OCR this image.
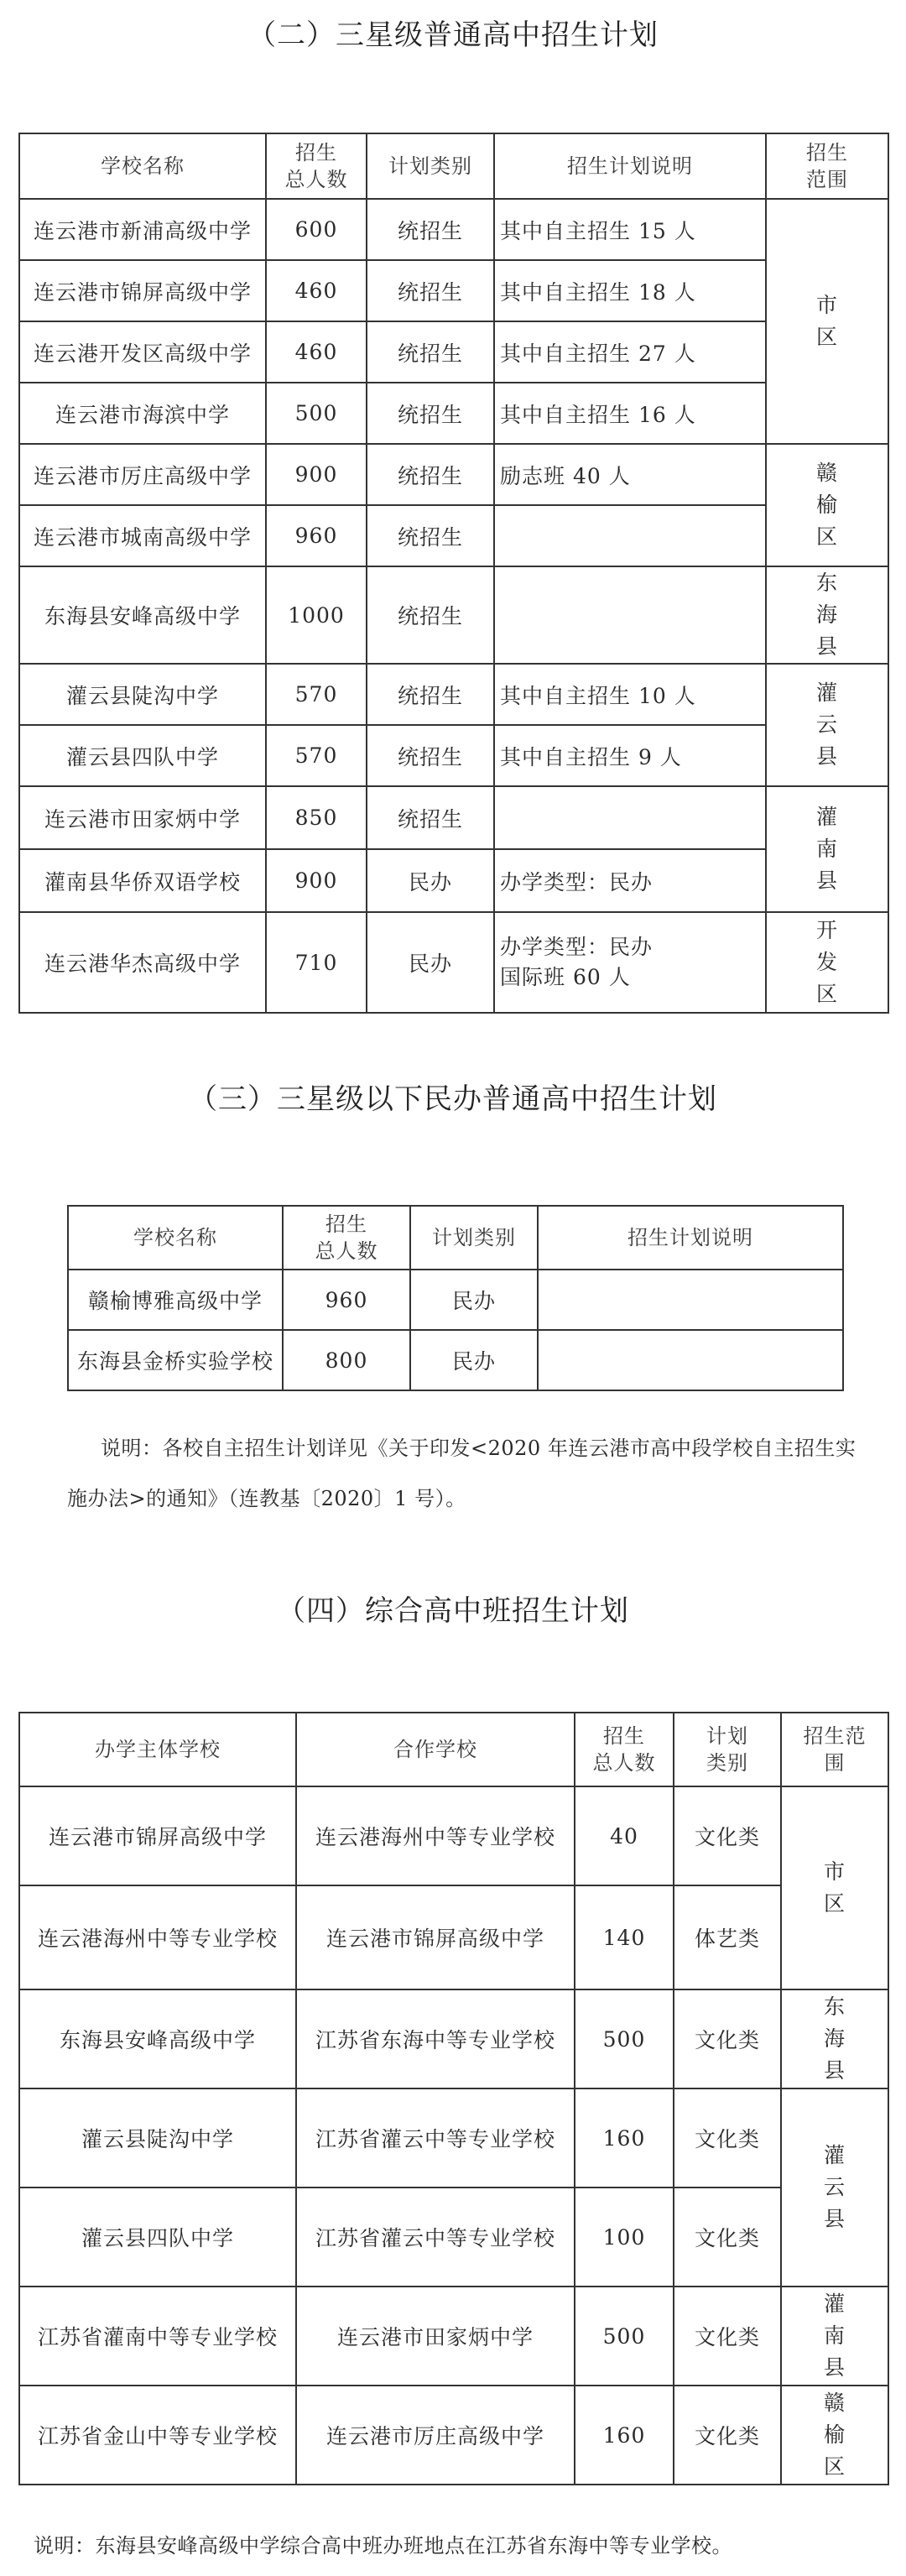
（二）三星级普通高中招生计划
学校名称	招生
总人数	计划类别	招生计划说明	招生
范围

连云港市新浦高级中学	600	统招生	其中自主招生 15 人	市
区

连云港市锦屏高级中学	460	统招生	其中自主招生 18 人	
连云港开发区高级中学	460	统招生	其中自主招生 27 人	
连云港市海滨中学	500	统招生	其中自主招生 16 人	
连云港市厉庄高级中学	900	统招生	励志班 40 人	赣
榆
区

连云港市城南高级中学	960	统招生		
东海县安峰高级中学	1000	统招生		东
海
县

灌云县陡沟中学	570	统招生	其中自主招生 10 人	灌
云
县

灌云县四队中学	570	统招生	其中自主招生 9 人	
连云港市田家炳中学	850	统招生		灌
南
县

灌南县华侨双语学校	900	民办	办学类型：民办	
连云港华杰高级中学	710	民办	办学类型：民办
国际班 60 人	开
发
区
（三）三星级以下民办普通高中招生计划
学校名称	招生
总人数	计划类别	招生计划说明
赣榆博雅高级中学	960	民办	
东海县金桥实验学校	800	民办	
说明：各校自主招生计划详见《关于印发<2020 年连云港市高中段学校自主招生实
施办法>的通知》（连教基〔2020〕1 号）。
（四）综合高中班招生计划
办学主体学校	合作学校	招生
总人数	计划
类别	招生范
围

连云港市锦屏高级中学	连云港海州中等专业学校	40	文化类	市
区

连云港海州中等专业学校	连云港市锦屏高级中学	140	体艺类	
东海县安峰高级中学	江苏省东海中等专业学校	500	文化类	东
海
县

灌云县陡沟中学	江苏省灌云中等专业学校	160	文化类	灌
云
县

灌云县四队中学	江苏省灌云中等专业学校	100	文化类	
江苏省灌南中等专业学校	连云港市田家炳中学	500	文化类	灌
南
县

江苏省金山中等专业学校	连云港市厉庄高级中学	160	文化类	赣
榆
区
说明：东海县安峰高级中学综合高中班办班地点在江苏省东海中等专业学校。
